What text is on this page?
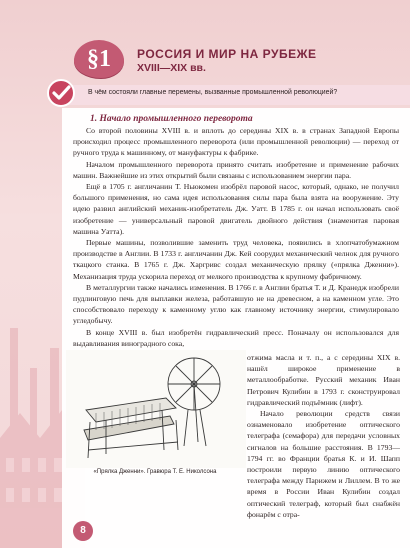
§1	РОССИЯ И МИР НА РУБЕЖЕ
XVIII—XIX вв.
В чём состояли главные перемены, вызванные промышленной революцией?
1. Начало промышленного переворота

Со второй половины XVIII в. и вплоть до середины XIX в. в странах Западной Европы происходил процесс промышленного переворота (или промышленной революции) — переход от ручного труда к машинному, от мануфактуры к фабрике.

Началом промышленного переворота принято считать изобретение и применение рабочих машин. Важнейшие из этих открытий были связаны с использованием энергии пара.

Ещё в 1705 г. англичанин Т. Ньюкомен изобрёл паровой насос, который, однако, не получил большого применения, но сама идея использования силы пара была взята на вооружение. Эту идею развил английский механик-изобретатель Дж. Уатт. В 1785 г. он начал использовать своё изобретение — универсальный паровой двигатель двойного действия (знаменитая паровая машина Уатта).

Первые машины, позволившие заменить труд человека, появились в хлопчатобумажном производстве в Англии. В 1733 г. англичанин Дж. Кей соорудил механический челнок для ручного ткацкого станка. В 1765 г. Дж. Харгривс создал механическую прялку («прялка Дженни»). Механизация труда ускорила переход от мелкого производства к крупному фабричному.

В металлургии также начались изменения. В 1766 г. в Англии братья Т. и Д. Кранедж изобрели пудлинговую печь для выплавки железа, работавшую не на древесном, а на каменном угле. Это способствовало переходу к каменному углю как главному источнику энергии, стимулировало угледобычу.

В конце XVIII в. был изобретён гидравлический пресс. Поначалу он использовался для выдавливания виноградного сока,

«Прялка Дженни». Гравюра Т. Е. Николсона

отжима масла и т. п., а с середины XIX в. нашёл широкое применение в металлообработке. Русский механик Иван Петрович Кулибин в 1793 г. сконструировал гидравлический подъёмник (лифт).

Начало революции средств связи ознаменовало изобретение оптического телеграфа (семафора) для передачи условных сигналов на большие расстояния. В 1793—1794 гг. во Франции братья К. и И. Шапп построили первую линию оптического телеграфа между Парижем и Лиллем. В то же время в России Иван Кулибин создал оптический телеграф, который был снабжён фонарём с отра-

8
